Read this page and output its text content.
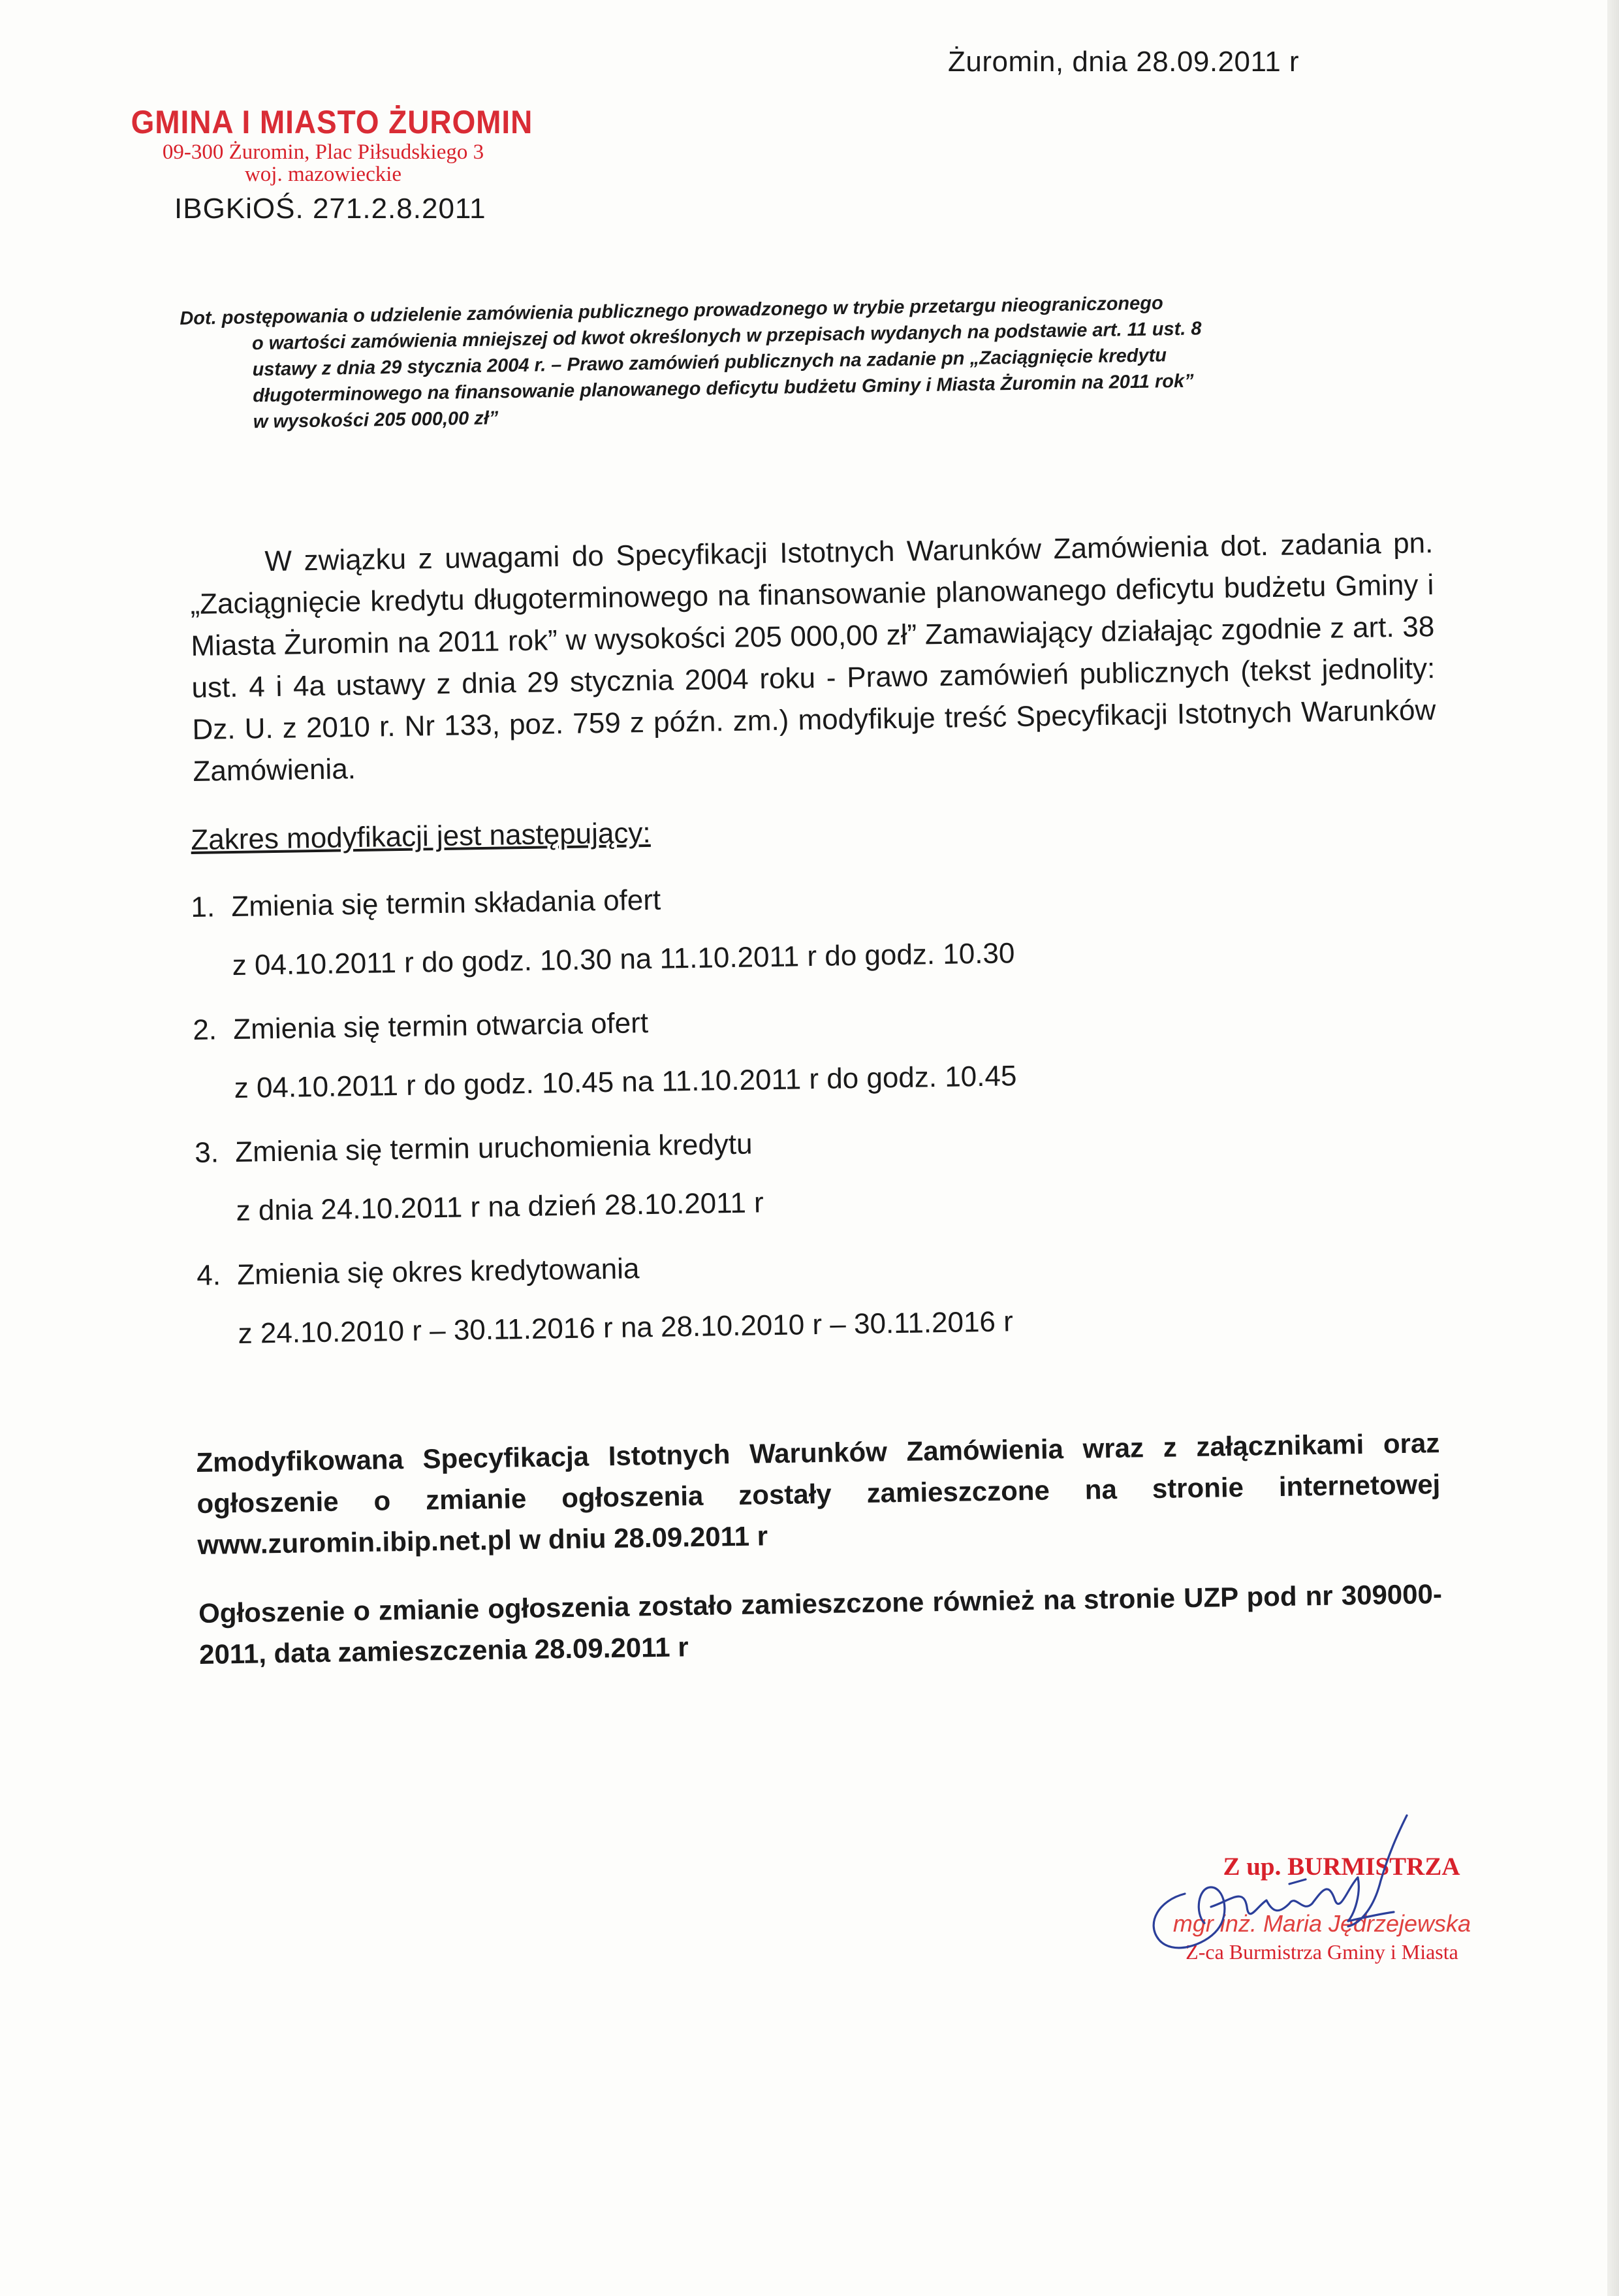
Żuromin, dnia 28.09.2011 r
GMINA I MIASTO ŻUROMIN
09-300 Żuromin, Plac Piłsudskiego 3
woj. mazowieckie
IBGKiOŚ. 271.2.8.2011
Dot. postępowania o udzielenie zamówienia publicznego prowadzonego w trybie przetargu nieograniczonego
o wartości zamówienia mniejszej od kwot określonych w przepisach wydanych na podstawie art. 11 ust. 8
ustawy z dnia 29 stycznia 2004 r. – Prawo zamówień publicznych na zadanie pn „Zaciągnięcie kredytu
długoterminowego na finansowanie planowanego deficytu budżetu Gminy i Miasta Żuromin na 2011 rok”
w wysokości 205 000,00 zł”
W związku z uwagami do Specyfikacji Istotnych Warunków Zamówienia dot. zadania pn. „Zaciągnięcie kredytu długoterminowego na finansowanie planowanego deficytu budżetu Gminy i Miasta Żuromin na 2011 rok” w wysokości 205 000,00 zł” Zamawiający działając zgodnie z art. 38 ust. 4 i 4a ustawy z dnia 29 stycznia 2004 roku - Prawo zamówień publicznych (tekst jednolity: Dz. U. z 2010 r. Nr 133, poz. 759 z późn. zm.) modyfikuje treść Specyfikacji Istotnych Warunków Zamówienia.
Zakres modyfikacji jest następujący:
1. Zmienia się termin składania ofert
z 04.10.2011 r do godz. 10.30 na 11.10.2011 r do godz. 10.30
2. Zmienia się termin otwarcia ofert
z 04.10.2011 r do godz. 10.45 na 11.10.2011 r do godz. 10.45
3. Zmienia się termin uruchomienia kredytu
z dnia 24.10.2011 r na dzień 28.10.2011 r
4. Zmienia się okres kredytowania
z 24.10.2010 r – 30.11.2016 r na 28.10.2010 r – 30.11.2016 r

Zmodyfikowana Specyfikacja Istotnych Warunków Zamówienia wraz z załącznikami oraz ogłoszenie o zmianie ogłoszenia zostały zamieszczone na stronie internetowej www.zuromin.ibip.net.pl w dniu 28.09.2011 r

Ogłoszenie o zmianie ogłoszenia zostało zamieszczone również na stronie UZP pod nr 309000-2011, data zamieszczenia 28.09.2011 r

Z up. BURMISTRZA
mgr inż. Maria Jędrzejewska
Z-ca Burmistrza Gminy i Miasta
